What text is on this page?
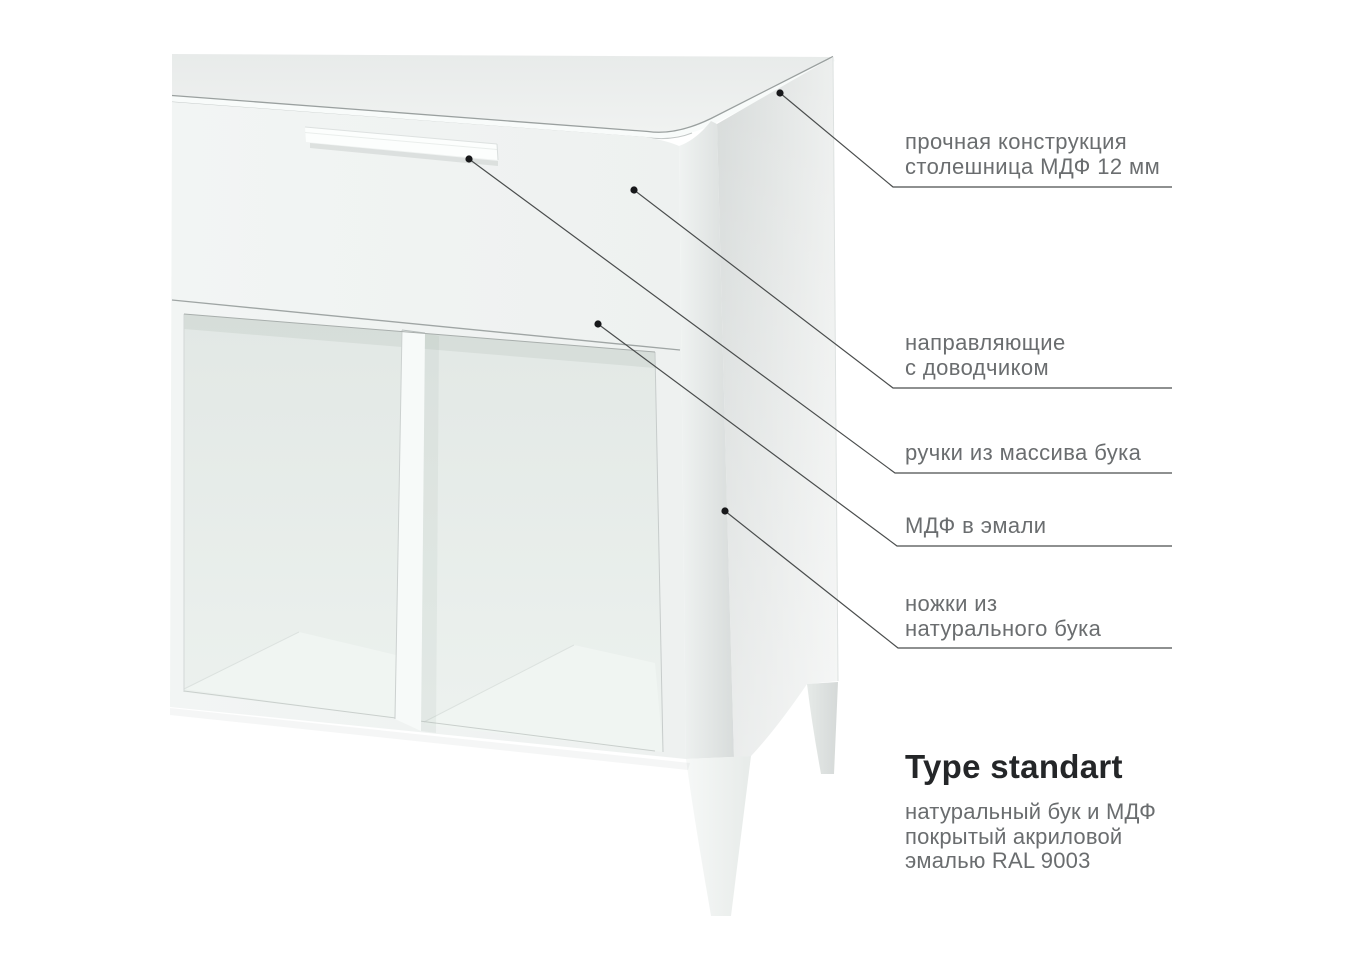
прочная конструкция
столешница МДФ 12 мм
направляющие
с доводчиком
ручки из массива бука
МДФ в эмали
ножки из
натурального бука
Type standart
натуральный бук и МДФ
покрытый акриловой
эмалью RAL 9003
